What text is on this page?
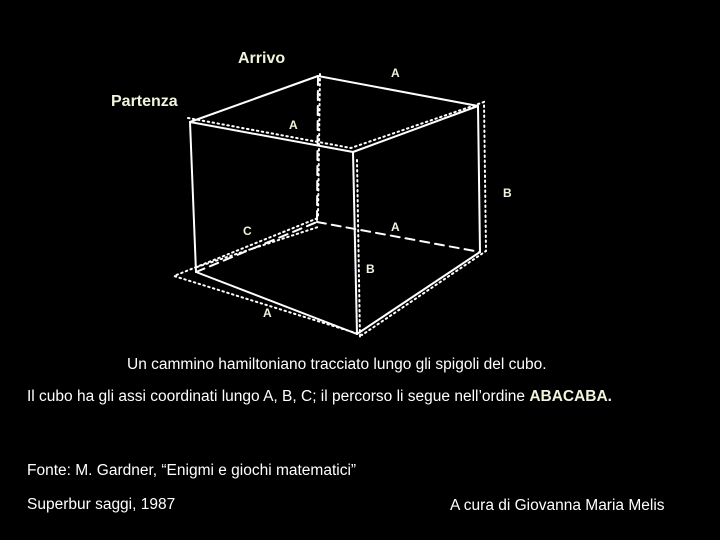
Arrivo
Partenza
A
A
B
A
C
B
A
Un cammino hamiltoniano tracciato lungo gli spigoli del cubo.
Il cubo ha gli assi coordinati lungo A, B, C; il percorso li segue nell’ordine ABACABA.
Fonte: M. Gardner, “Enigmi e giochi matematici”
Superbur saggi, 1987	A cura di Giovanna Maria Melis
